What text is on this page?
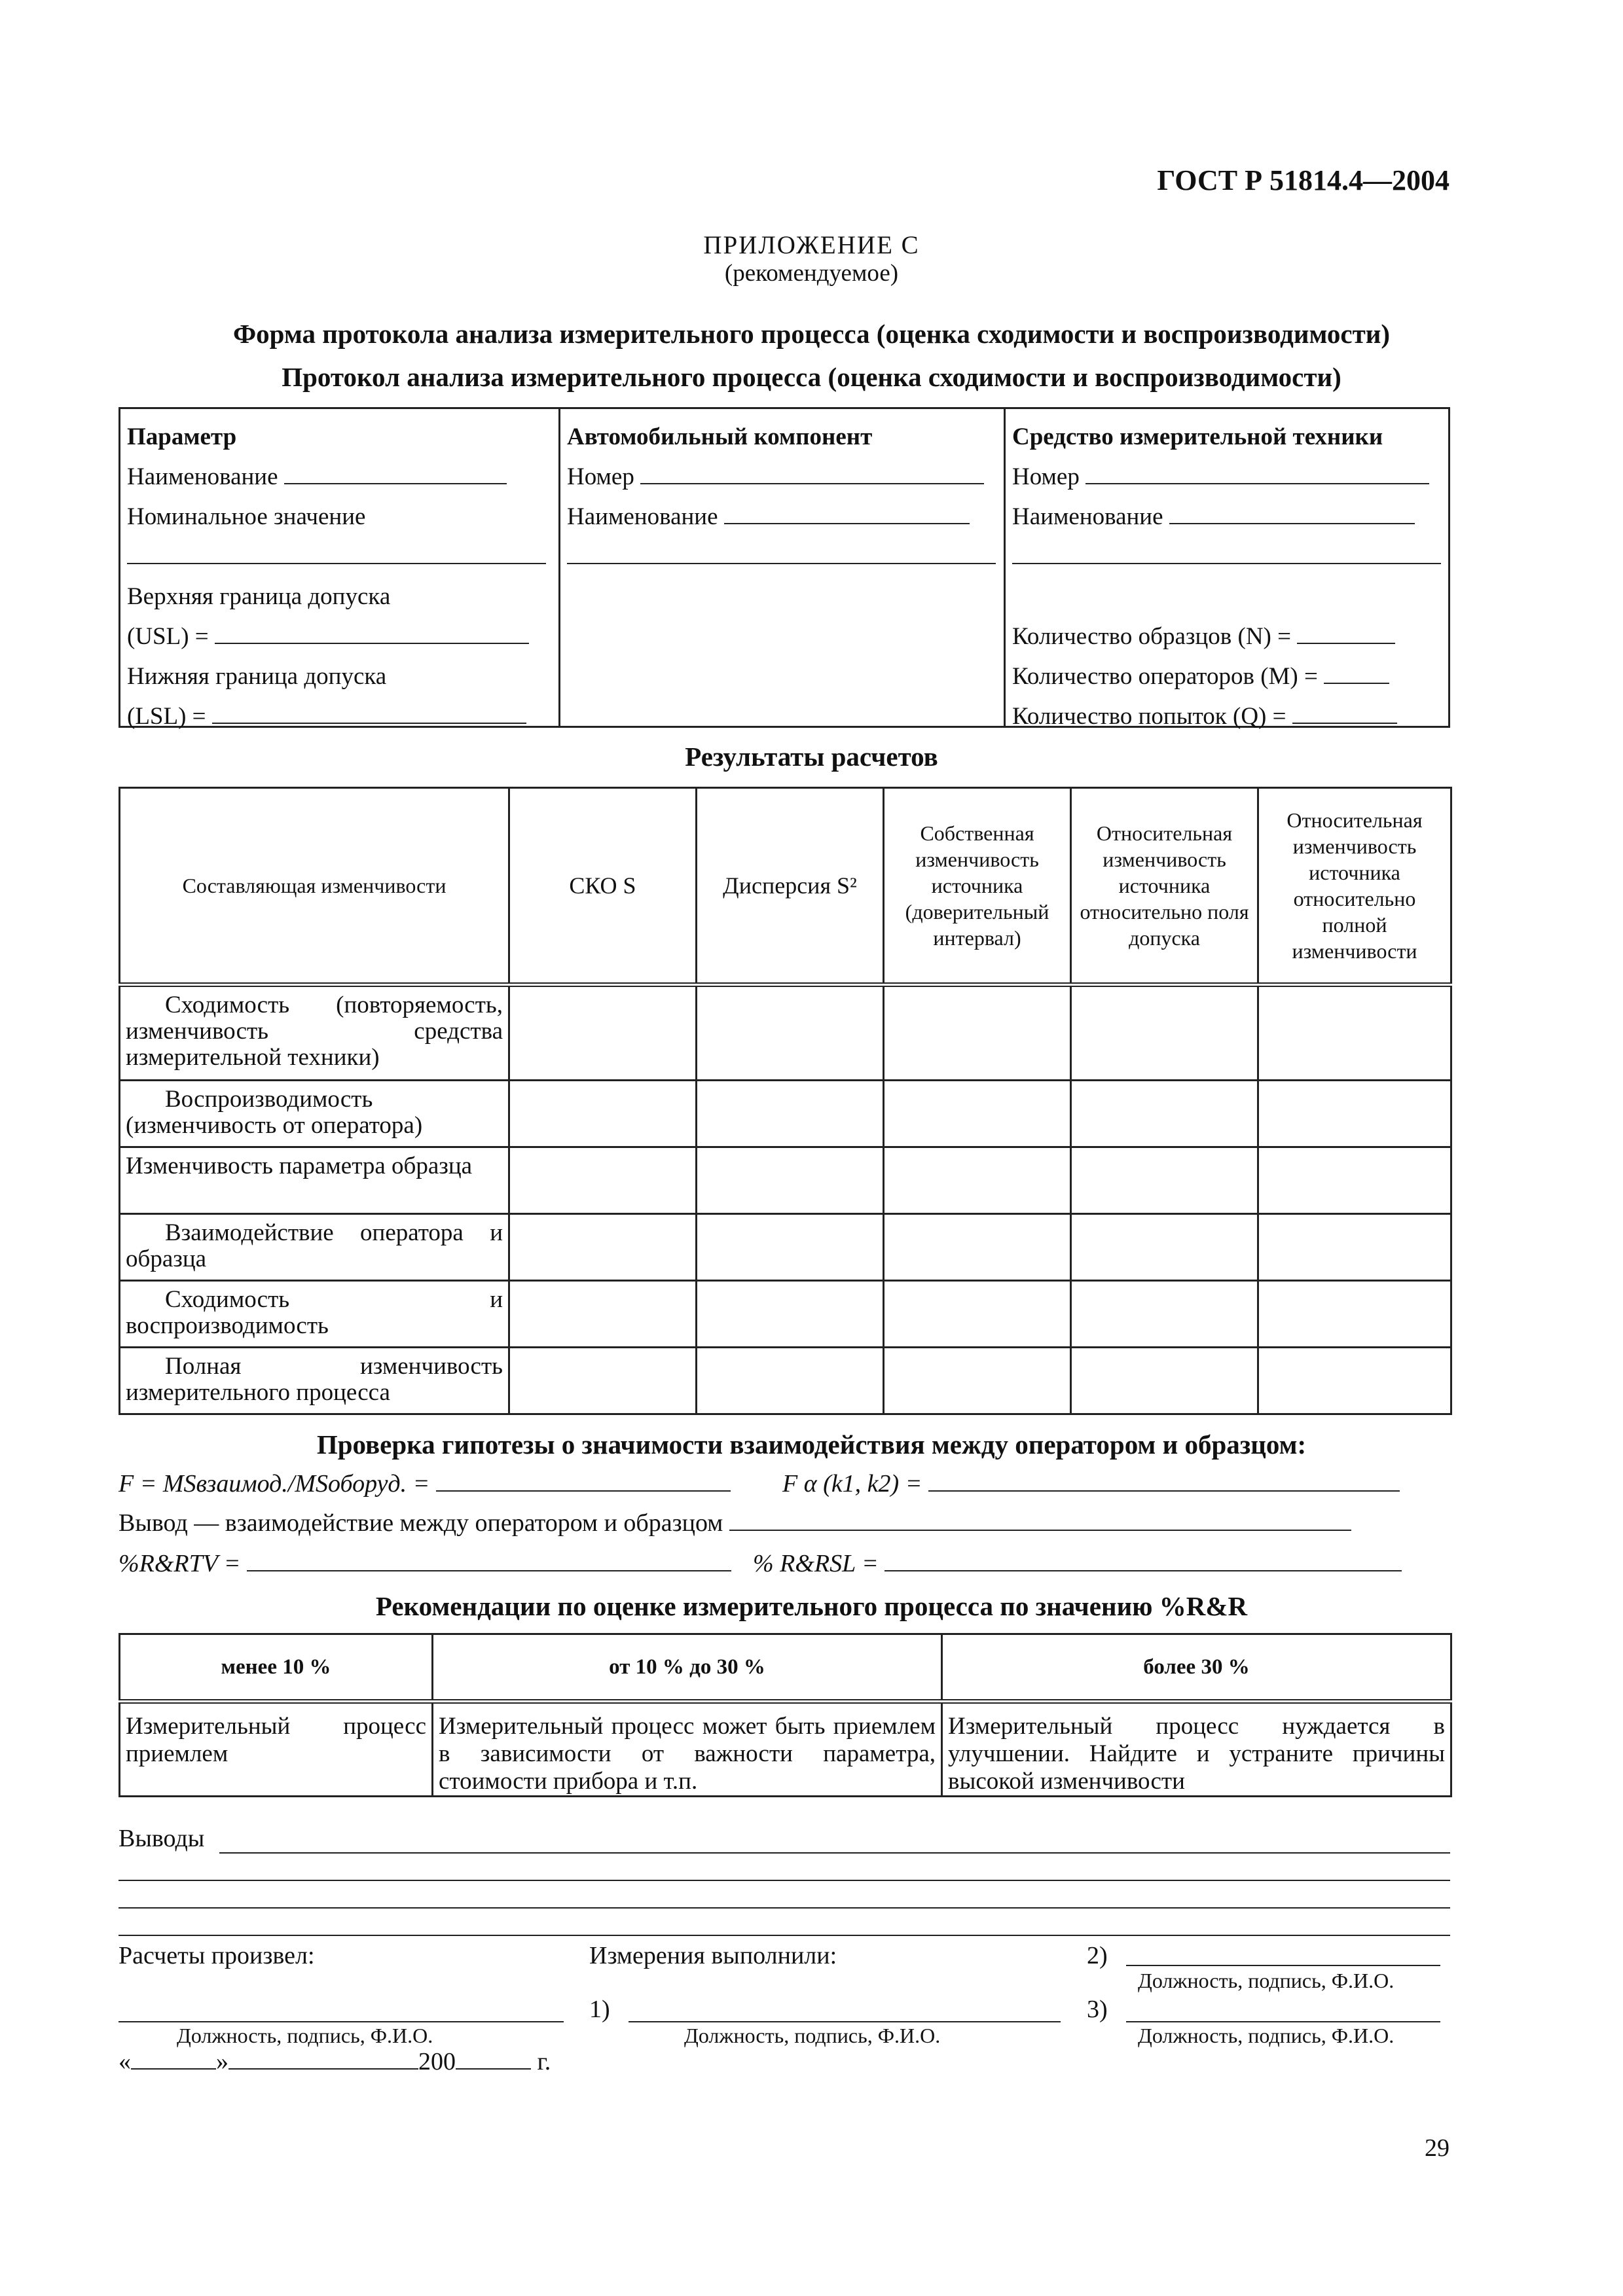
ГОСТ Р 51814.4—2004
ПРИЛОЖЕНИЕ С
(рекомендуемое)
Форма протокола анализа измерительного процесса (оценка сходимости и воспроизводимости)
Протокол анализа измерительного процесса (оценка сходимости и воспроизводимости)
Параметр
Наименование
Номинальное значение
Верхняя граница допуска
(USL) =
Нижняя граница допуска
(LSL) =
Автомобильный компонент
Номер
Наименование
Средство измерительной техники
Номер
Наименование
Количество образцов (N) =
Количество операторов (M) =
Количество попыток (Q) =
Результаты расчетов
Составляющая изменчивости	СКО S	Дисперсия S²	Собственная изменчивость источника (доверительный интервал)	Относительная изменчивость источника относительно поля допуска	Относительная изменчивость источника относительно полной изменчивости
Сходимость (повторяемость, изменчивость средства измерительной техники)					
Воспроизводимость (изменчивость от оператора)					
Изменчивость параметра образца					
Взаимодействие оператора и образца					
Сходимость и воспроизводимость					
Полная изменчивость измерительного процесса					
Проверка гипотезы о значимости взаимодействия между оператором и образцом:
F = MSвзаимод./MSоборуд. =	F α (k1, k2) =
Вывод — взаимодействие между оператором и образцом
%R&RTV =	% R&RSL =
Рекомендации по оценке измерительного процесса по значению %R&R
менее 10 %	от 10 % до 30 %	более 30 %
Измерительный процесс приемлем	Измерительный процесс может быть приемлем в зависимости от важности параметра, стоимости прибора и т.п.	Измерительный процесс нуждается в улучшении. Найдите и устраните причины высокой изменчивости
Выводы
Расчеты произвел:	Измерения выполнили:	2)
Должность, подпись, Ф.И.О.
1)	3)
Должность, подпись, Ф.И.О.	Должность, подпись, Ф.И.О.	Должность, подпись, Ф.И.О.
«	»	200	г.
29
